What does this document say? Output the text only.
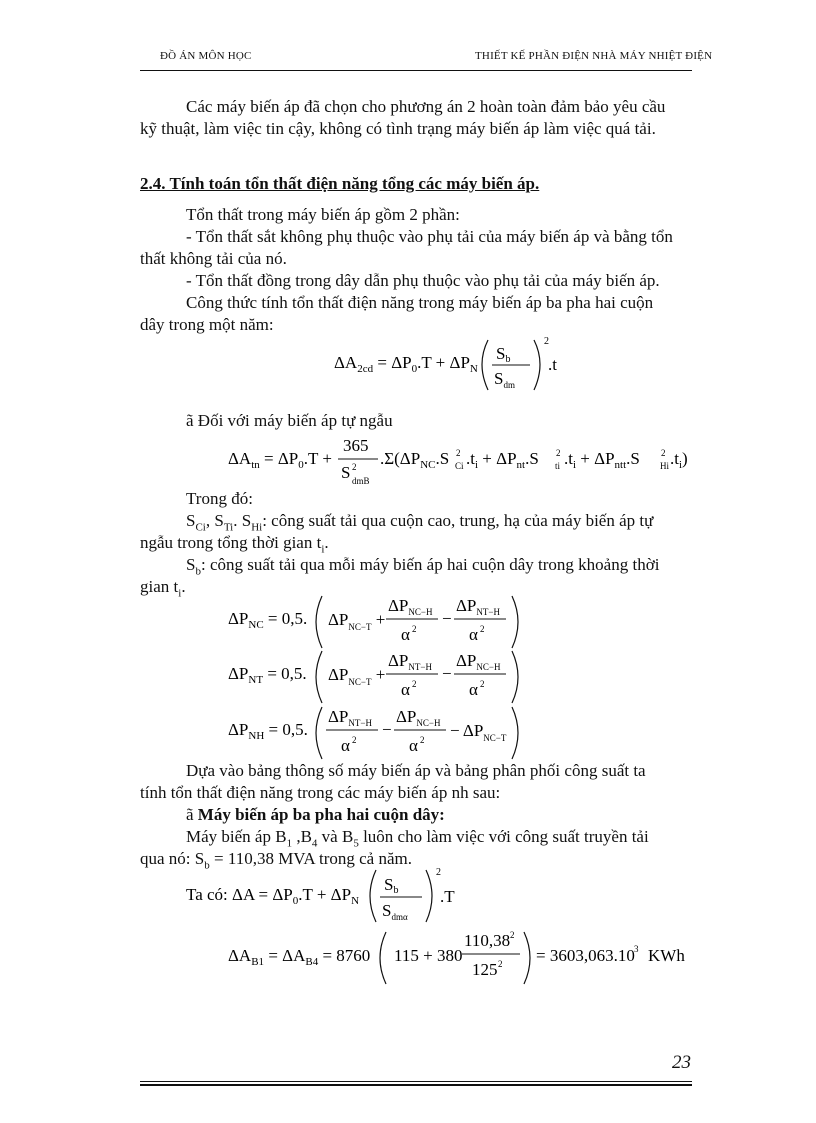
ĐỒ ÁN MÔN HỌC	THIẾT KẾ PHẦN ĐIỆN NHÀ MÁY NHIỆT ĐIỆN
Các máy biến áp đã chọn cho phương án 2 hoàn toàn đảm bảo yêu cầu
kỹ thuật, làm việc tin cậy, không có tình trạng máy biến áp làm việc quá tải.
2.4. Tính toán tổn thất điện năng tổng các máy biến áp.
Tổn thất trong máy biến áp gồm 2 phần:
- Tổn thất sắt không phụ thuộc vào phụ tải của máy biến áp và bằng tổn
thất không tải của nó.
- Tổn thất đồng trong dây dẫn phụ thuộc vào phụ tải của máy biến áp.
Công thức tính tổn thất điện năng trong máy biến áp ba pha hai cuộn
dây trong một năm:
$\Delta A_{2cd} = \Delta P_0.T + \Delta P_N$
Sb
$S_{dm}$
2
.t
ã Đối với máy biến áp tự ngẫu
$\Delta A_{tn} = \Delta P_0.T$ +
365
S 2
dmB
$.\Sigma(\Delta P_{NC}.S$ 2
Ci $.t_i + \Delta P_{nt}.S$ 2
ti $.t_i + \Delta P_{ntt}.S$ 2
Hi $.t_i$)
Trong đó:
$S_{Ci}$, $S_{Ti}$. $S_{Hi}$: công suất tải qua cuộn cao, trung, hạ của máy biến áp tự
ngẫu trong tổng thời gian $t_i$.
$S_b$: công suất tải qua mỗi máy biến áp hai cuộn dây trong khoảng thời
gian $t_i$.
$\Delta P_{NC} = 0,5$. $\Delta P_{NC-T}$ +
$\Delta P_{NC-H}$
α 2
−
$\Delta P_{NT-H}$
α 2
$\Delta P_{NT} = 0,5$. $\Delta P_{NC-T}$ +
$\Delta P_{NT-H}$
α 2
−
$\Delta P_{NC-H}$
α 2
$\Delta P_{NH} = 0,5$.
$\Delta P_{NT-H}$
α 2
−
$\Delta P_{NC-H}$
α $2 - \Delta P_{NC-T}$
Dựa vào bảng thông số máy biến áp và bảng phân phối công suất ta
tính tổn thất điện năng trong các máy biến áp nh sau:
ã Máy biến áp ba pha hai cuộn dây:
Máy biến áp $B_1$ $,B_4$ và $B_5$ luôn cho làm việc với công suất truyền tải
qua nó: $S_b = 110,38$ MVA trong cả năm.
Ta có: $\Delta A = \Delta P_0.T + \Delta P_N$
Sb
$S_{dm\alpha}$
2
.T
$\Delta A_{B1} = \Delta A_{B4} = 8760$ 115 + 380
110,38 2
125 2 = 3603,063.10 3 KWh
23
